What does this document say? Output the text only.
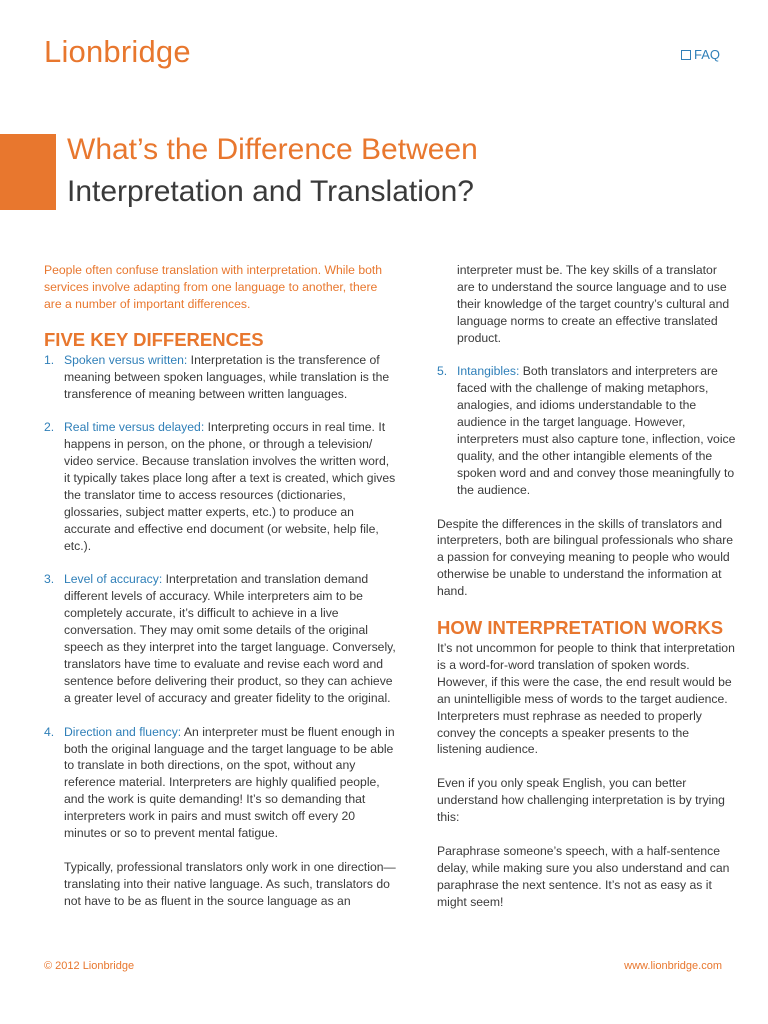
Lionbridge	FAQ
What’s the Difference Between
Interpretation and Translation?

People often confuse translation with interpretation. While both services involve adapting from one language to another, there are a number of important differences.

FIVE KEY DIFFERENCES
1. Spoken versus written: Interpretation is the transference of meaning between spoken languages, while translation is the transference of meaning between written languages.
2. Real time versus delayed: Interpreting occurs in real time. It happens in person, on the phone, or through a television/ video service. Because translation involves the written word, it typically takes place long after a text is created, which gives the translator time to access resources (dictionaries, glossaries, subject matter experts, etc.) to produce an accurate and effective end document (or website, help file, etc.).
3. Level of accuracy: Interpretation and translation demand different levels of accuracy. While interpreters aim to be completely accurate, it’s difficult to achieve in a live conversation. They may omit some details of the original speech as they interpret into the target language. Conversely, translators have time to evaluate and revise each word and sentence before delivering their product, so they can achieve a greater level of accuracy and greater fidelity to the original.
4. Direction and fluency: An interpreter must be fluent enough in both the original language and the target language to be able to translate in both directions, on the spot, without any reference material. Interpreters are highly qualified people, and the work is quite demanding! It’s so demanding that interpreters work in pairs and must switch off every 20 minutes or so to prevent mental fatigue.

Typically, professional translators only work in one direction—translating into their native language. As such, translators do not have to be as fluent in the source language as an

interpreter must be. The key skills of a translator are to understand the source language and to use their knowledge of the target country’s cultural and language norms to create an effective translated product.

5. Intangibles: Both translators and interpreters are faced with the challenge of making metaphors, analogies, and idioms understandable to the audience in the target language. However, interpreters must also capture tone, inflection, voice quality, and the other intangible elements of the spoken word and and convey those meaningfully to the audience.

Despite the differences in the skills of translators and interpreters, both are bilingual professionals who share a passion for conveying meaning to people who would otherwise be unable to understand the information at hand.

HOW INTERPRETATION WORKS

It’s not uncommon for people to think that interpretation is a word-for-word translation of spoken words. However, if this were the case, the end result would be an unintelligible mess of words to the target audience. Interpreters must rephrase as needed to properly convey the concepts a speaker presents to the listening audience.

Even if you only speak English, you can better understand how challenging interpretation is by trying this:

Paraphrase someone’s speech, with a half-sentence delay, while making sure you also understand and can paraphrase the next sentence. It’s not as easy as it might seem!

© 2012 Lionbridge	www.lionbridge.com
